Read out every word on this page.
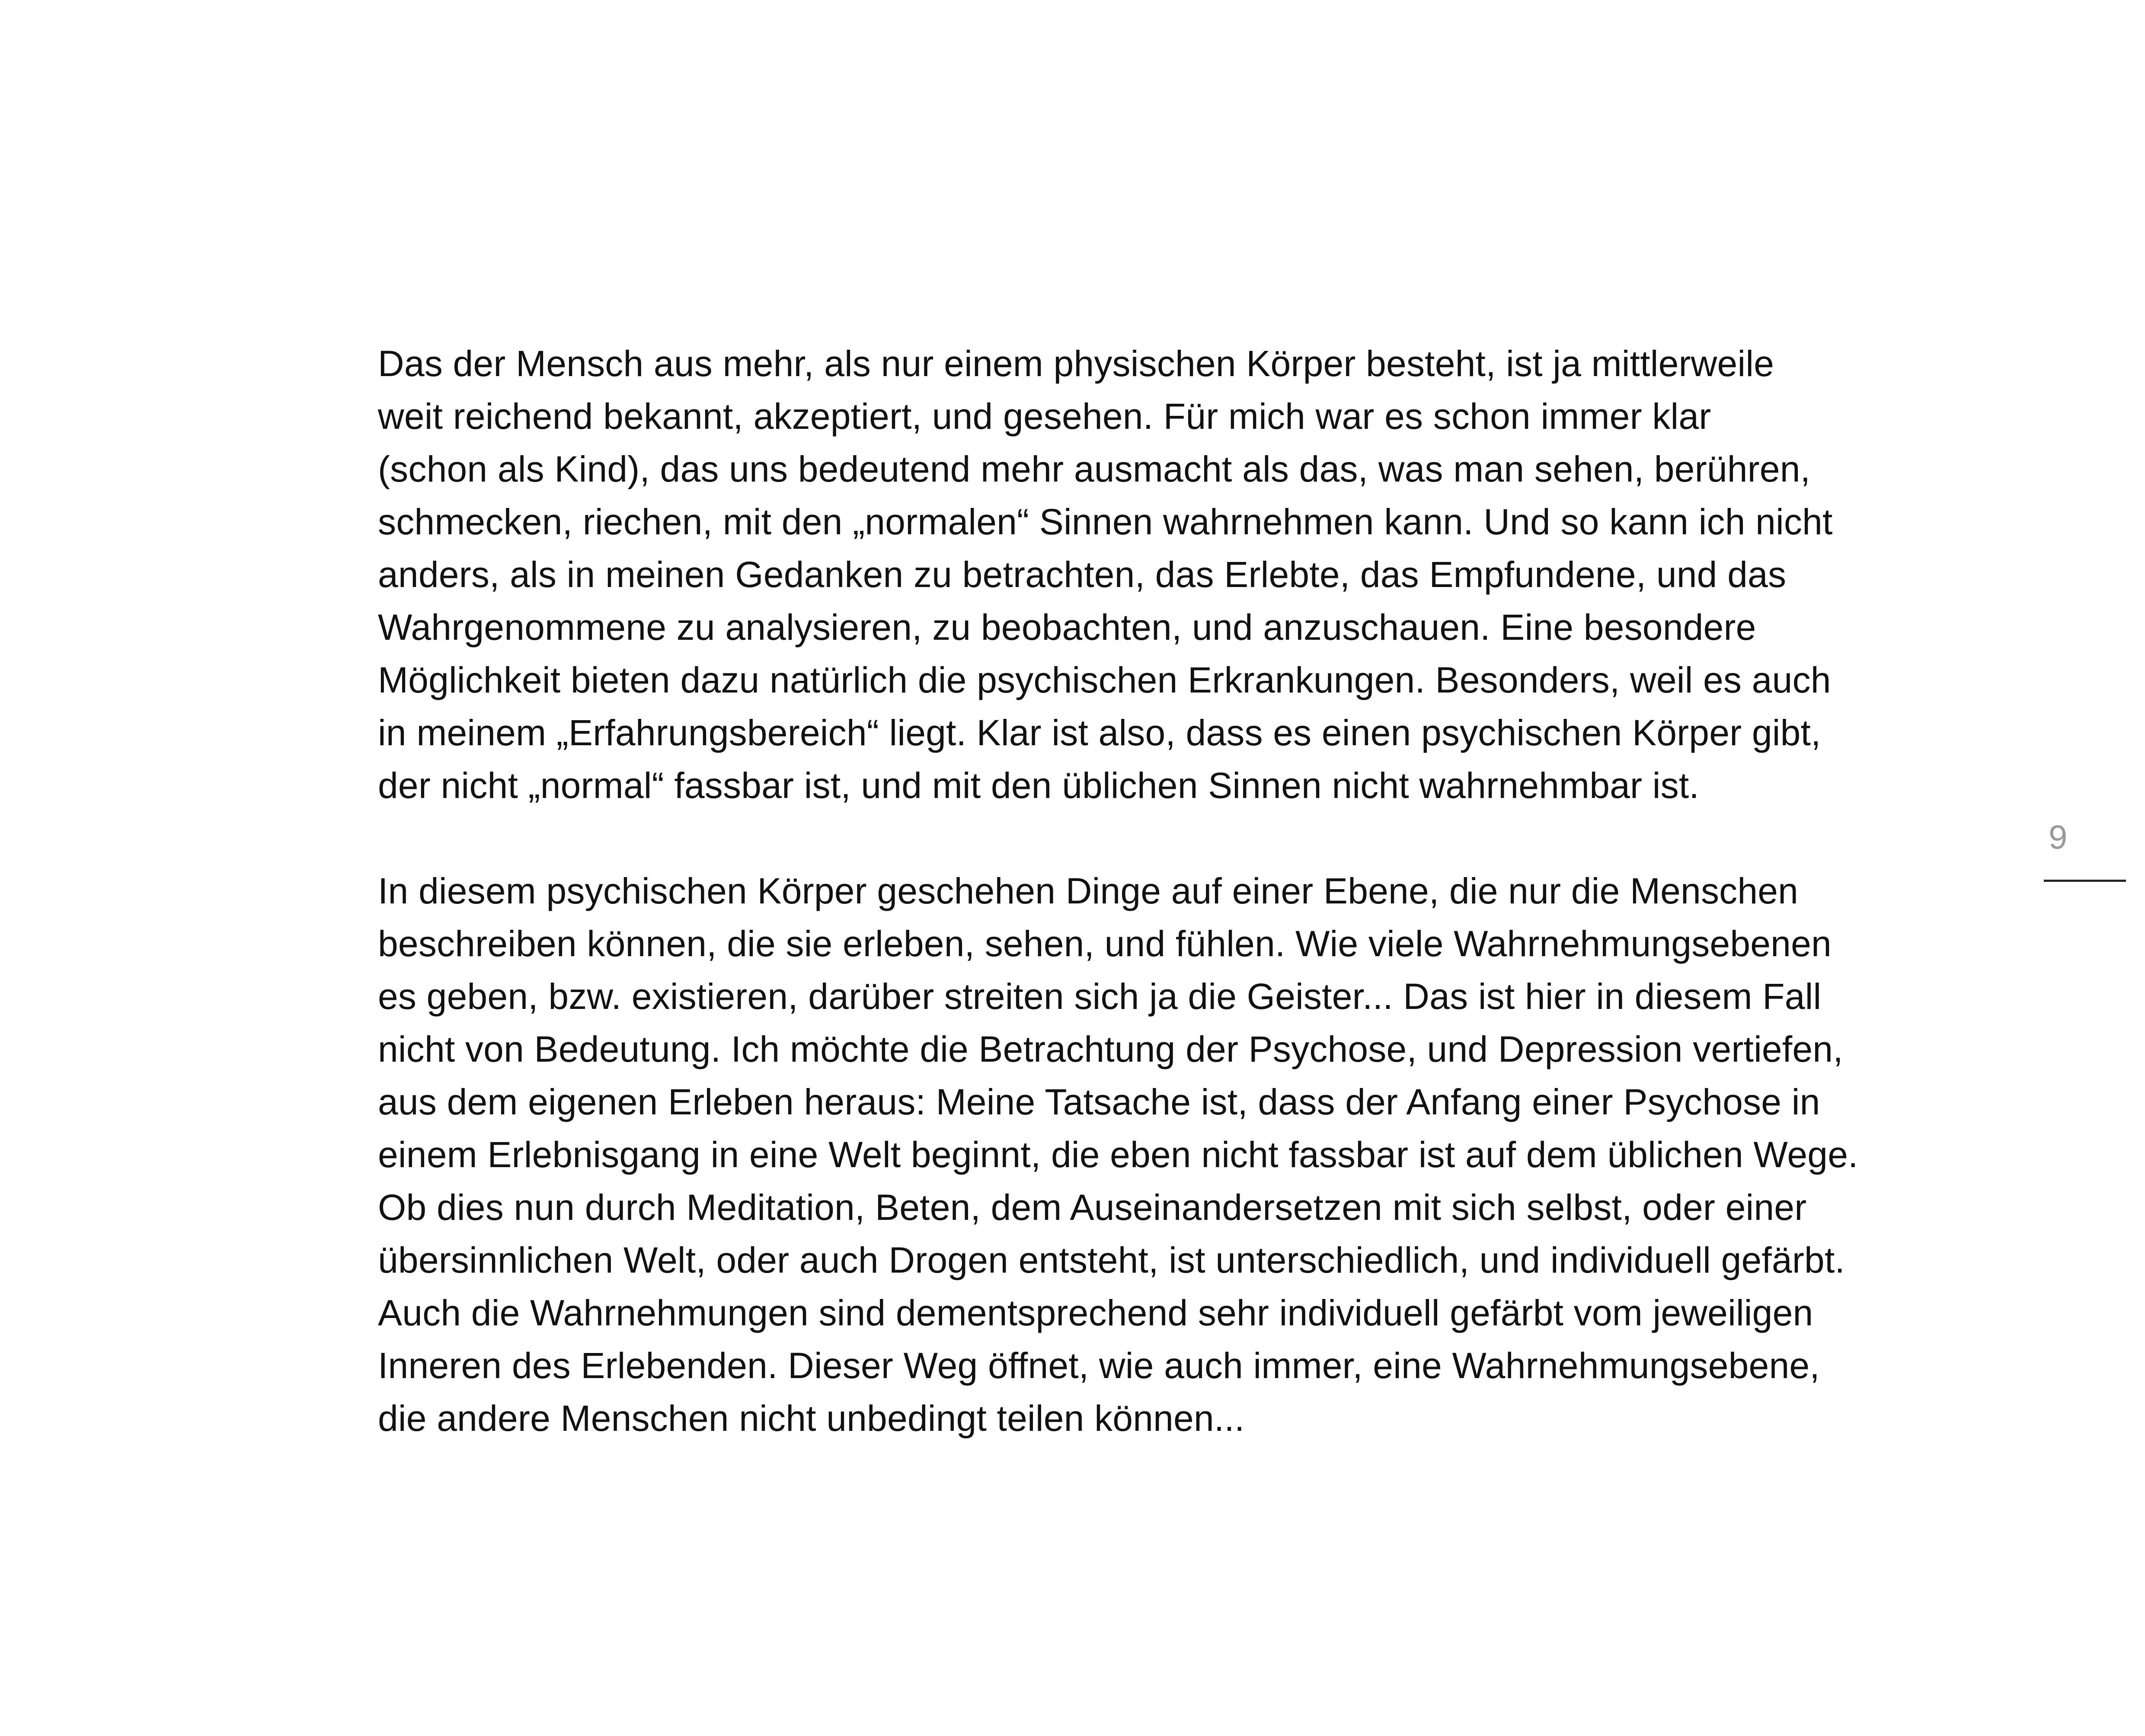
Das der Mensch aus mehr, als nur einem physischen Körper besteht, ist ja mittlerweile
weit reichend bekannt, akzeptiert, und gesehen. Für mich war es schon immer klar
(schon als Kind), das uns bedeutend mehr ausmacht als das, was man sehen, berühren,
schmecken, riechen, mit den „normalen“ Sinnen wahrnehmen kann. Und so kann ich nicht
anders, als in meinen Gedanken zu betrachten, das Erlebte, das Empfundene, und das
Wahrgenommene zu analysieren, zu beobachten, und anzuschauen. Eine besondere
Möglichkeit bieten dazu natürlich die psychischen Erkrankungen. Besonders, weil es auch
in meinem „Erfahrungsbereich“ liegt. Klar ist also, dass es einen psychischen Körper gibt,
der nicht „normal“ fassbar ist, und mit den üblichen Sinnen nicht wahrnehmbar ist.

In diesem psychischen Körper geschehen Dinge auf einer Ebene, die nur die Menschen
beschreiben können, die sie erleben, sehen, und fühlen. Wie viele Wahrnehmungsebenen
es geben, bzw. existieren, darüber streiten sich ja die Geister... Das ist hier in diesem Fall
nicht von Bedeutung. Ich möchte die Betrachtung der Psychose, und Depression vertiefen,
aus dem eigenen Erleben heraus: Meine Tatsache ist, dass der Anfang einer Psychose in
einem Erlebnisgang in eine Welt beginnt, die eben nicht fassbar ist auf dem üblichen Wege.
Ob dies nun durch Meditation, Beten, dem Auseinandersetzen mit sich selbst, oder einer
übersinnlichen Welt, oder auch Drogen entsteht, ist unterschiedlich, und individuell gefärbt.
Auch die Wahrnehmungen sind dementsprechend sehr individuell gefärbt vom jeweiligen
Inneren des Erlebenden. Dieser Weg öffnet, wie auch immer, eine Wahrnehmungsebene,
die andere Menschen nicht unbedingt teilen können...

9
